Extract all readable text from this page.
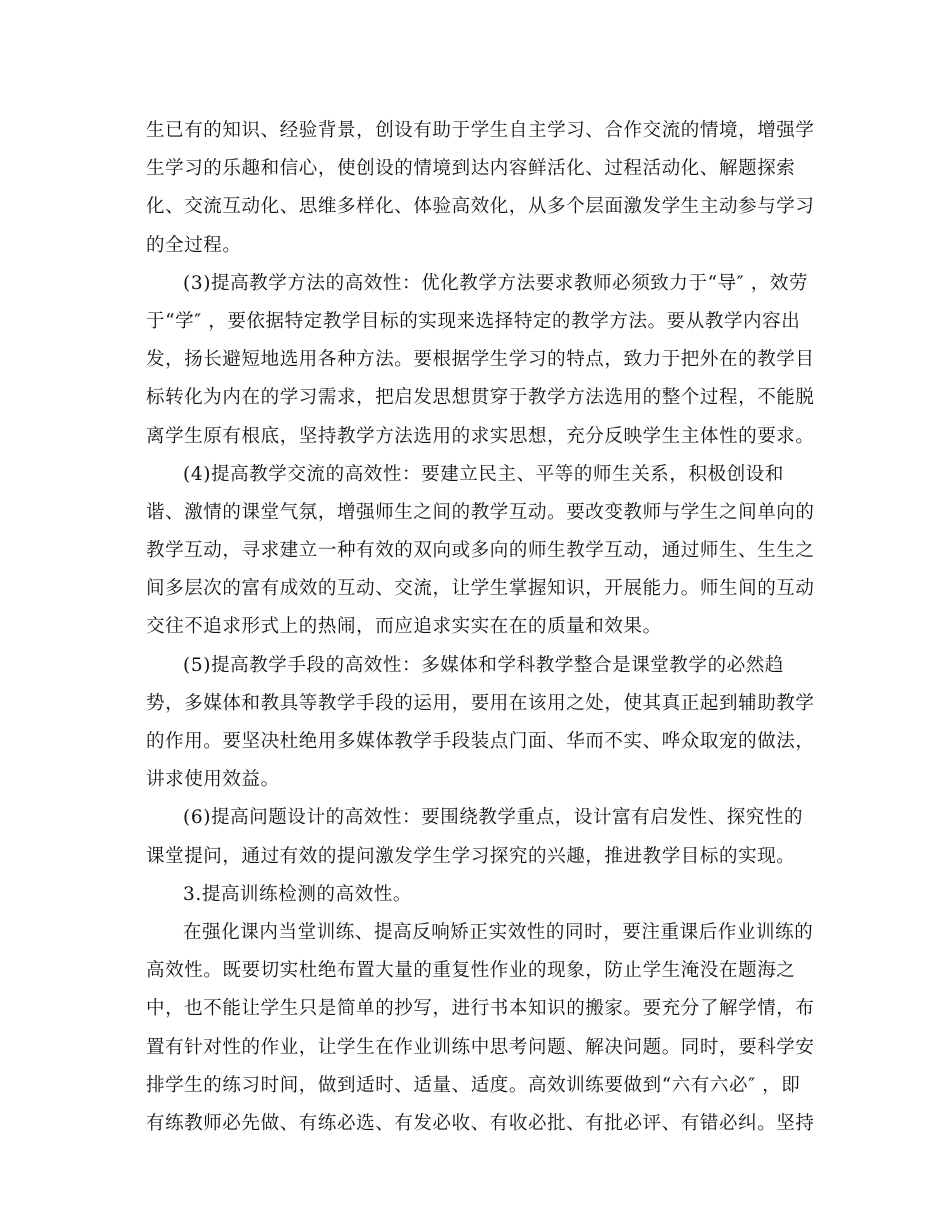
生已有的知识、经验背景，创设有助于学生自主学习、合作交流的情境，增强学
生学习的乐趣和信心，使创设的情境到达内容鲜活化、过程活动化、解题探索
化、交流互动化、思维多样化、体验高效化，从多个层面激发学生主动参与学习
的全过程。
(3)提高教学方法的高效性：优化教学方法要求教师必须致力于“导″ ，效劳
于“学″ ，要依据特定教学目标的实现来选择特定的教学方法。要从教学内容出
发，扬长避短地选用各种方法。要根据学生学习的特点，致力于把外在的教学目
标转化为内在的学习需求，把启发思想贯穿于教学方法选用的整个过程，不能脱
离学生原有根底，坚持教学方法选用的求实思想，充分反映学生主体性的要求。
(4)提高教学交流的高效性：要建立民主、平等的师生关系，积极创设和
谐、激情的课堂气氛，增强师生之间的教学互动。要改变教师与学生之间单向的
教学互动，寻求建立一种有效的双向或多向的师生教学互动，通过师生、生生之
间多层次的富有成效的互动、交流，让学生掌握知识，开展能力。师生间的互动
交往不追求形式上的热闹，而应追求实实在在的质量和效果。
(5)提高教学手段的高效性：多媒体和学科教学整合是课堂教学的必然趋
势，多媒体和教具等教学手段的运用，要用在该用之处，使其真正起到辅助教学
的作用。要坚决杜绝用多媒体教学手段装点门面、华而不实、哗众取宠的做法，
讲求使用效益。
(6)提高问题设计的高效性：要围绕教学重点，设计富有启发性、探究性的
课堂提问，通过有效的提问激发学生学习探究的兴趣，推进教学目标的实现。
3.提高训练检测的高效性。
在强化课内当堂训练、提高反响矫正实效性的同时，要注重课后作业训练的
高效性。既要切实杜绝布置大量的重复性作业的现象，防止学生淹没在题海之
中，也不能让学生只是简单的抄写，进行书本知识的搬家。要充分了解学情，布
置有针对性的作业，让学生在作业训练中思考问题、解决问题。同时，要科学安
排学生的练习时间，做到适时、适量、适度。高效训练要做到“六有六必″ ，即
有练教师必先做、有练必选、有发必收、有收必批、有批必评、有错必纠。坚持
